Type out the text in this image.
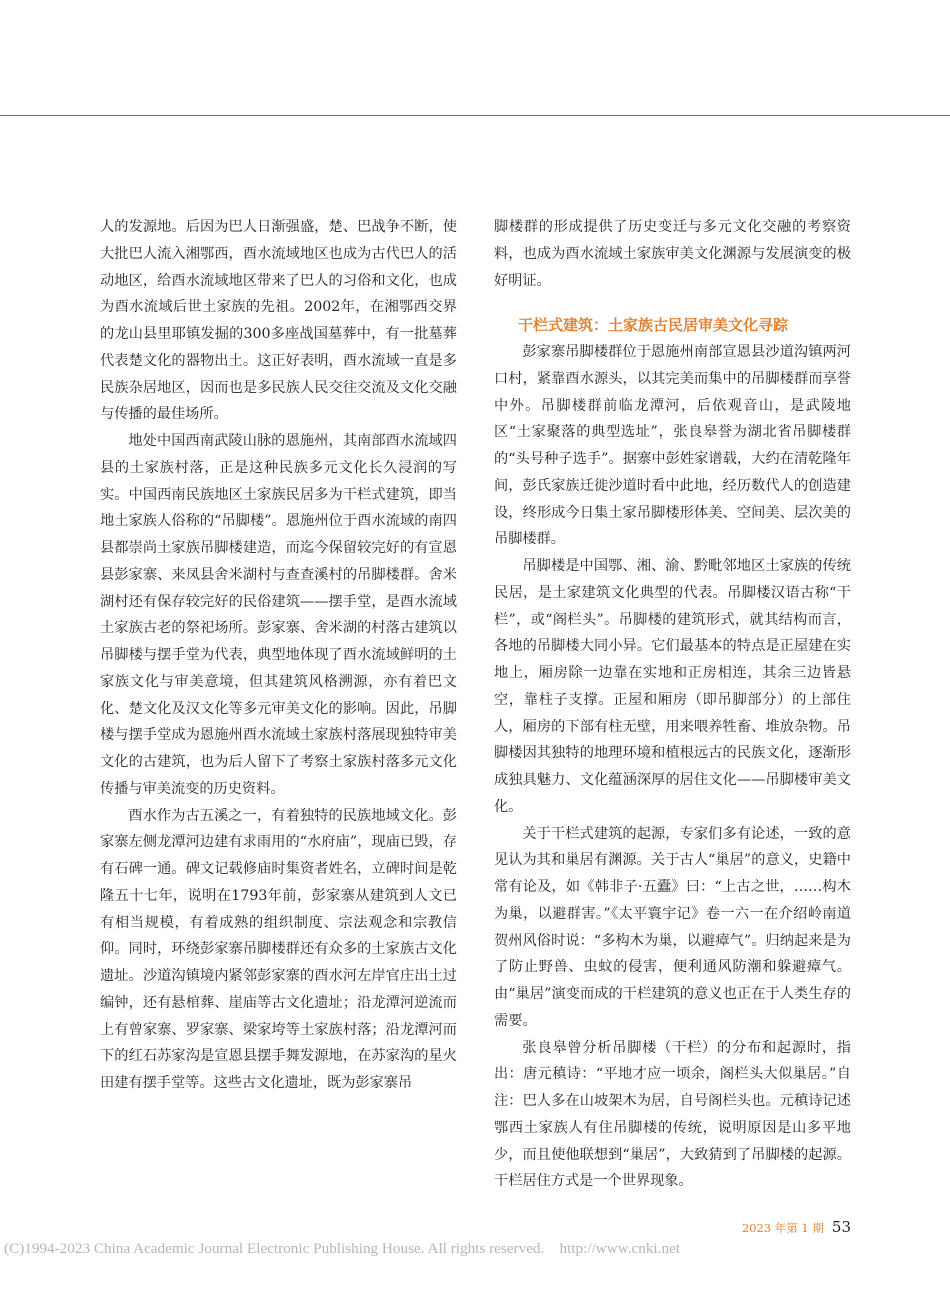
人的发源地。后因为巴人日渐强盛，楚、巴战争不断，使大批巴人流入湘鄂西，酉水流域地区也成为古代巴人的活动地区，给酉水流域地区带来了巴人的习俗和文化，也成为酉水流域后世土家族的先祖。2002年，在湘鄂西交界的龙山县里耶镇发掘的300多座战国墓葬中，有一批墓葬代表楚文化的器物出土。这正好表明，酉水流域一直是多民族杂居地区，因而也是多民族人民交往交流及文化交融与传播的最佳场所。

地处中国西南武陵山脉的恩施州，其南部酉水流域四县的土家族村落，正是这种民族多元文化长久浸润的写实。中国西南民族地区土家族民居多为干栏式建筑，即当地土家族人俗称的“吊脚楼”。恩施州位于酉水流域的南四县都崇尚土家族吊脚楼建造，而迄今保留较完好的有宣恩县彭家寨、来凤县舍米湖村与查查溪村的吊脚楼群。舍米湖村还有保存较完好的民俗建筑——摆手堂，是酉水流域土家族古老的祭祀场所。彭家寨、舍米湖的村落古建筑以吊脚楼与摆手堂为代表，典型地体现了酉水流域鲜明的土家族文化与审美意境，但其建筑风格溯源，亦有着巴文化、楚文化及汉文化等多元审美文化的影响。因此，吊脚楼与摆手堂成为恩施州酉水流域土家族村落展现独特审美文化的古建筑，也为后人留下了考察土家族村落多元文化传播与审美流变的历史资料。

酉水作为古五溪之一，有着独特的民族地域文化。彭家寨左侧龙潭河边建有求雨用的“水府庙”，现庙已毁，存有石碑一通。碑文记载修庙时集资者姓名，立碑时间是乾隆五十七年，说明在1793年前，彭家寨从建筑到人文已有相当规模，有着成熟的组织制度、宗法观念和宗教信仰。同时，环绕彭家寨吊脚楼群还有众多的土家族古文化遗址。沙道沟镇境内紧邻彭家寨的酉水河左岸官庄出土过编钟，还有悬棺葬、崖庙等古文化遗址；沿龙潭河逆流而上有曾家寨、罗家寨、梁家垮等土家族村落；沿龙潭河而下的红石苏家沟是宣恩县摆手舞发源地，在苏家沟的星火田建有摆手堂等。这些古文化遗址，既为彭家寨吊

脚楼群的形成提供了历史变迁与多元文化交融的考察资料，也成为酉水流域土家族审美文化渊源与发展演变的极好明证。

干栏式建筑：土家族古民居审美文化寻踪

彭家寨吊脚楼群位于恩施州南部宣恩县沙道沟镇两河口村，紧靠酉水源头，以其完美而集中的吊脚楼群而享誉中外。吊脚楼群前临龙潭河，后依观音山，是武陵地区“土家聚落的典型选址”，张良皋誉为湖北省吊脚楼群的“头号种子选手”。据寨中彭姓家谱载，大约在清乾隆年间，彭氏家族迁徙沙道时看中此地，经历数代人的创造建设，终形成今日集土家吊脚楼形体美、空间美、层次美的吊脚楼群。

吊脚楼是中国鄂、湘、渝、黔毗邻地区土家族的传统民居，是土家建筑文化典型的代表。吊脚楼汉语古称“干栏”，或“阁栏头”。吊脚楼的建筑形式，就其结构而言，各地的吊脚楼大同小异。它们最基本的特点是正屋建在实地上，厢房除一边靠在实地和正房相连，其余三边皆悬空，靠柱子支撑。正屋和厢房（即吊脚部分）的上部住人，厢房的下部有柱无壁，用来喂养牲畜、堆放杂物。吊脚楼因其独特的地理环境和植根远古的民族文化，逐渐形成独具魅力、文化蕴涵深厚的居住文化——吊脚楼审美文化。

关于干栏式建筑的起源，专家们多有论述，一致的意见认为其和巢居有渊源。关于古人“巢居”的意义，史籍中常有论及，如《韩非子·五蠹》曰：“上古之世，……构木为巢，以避群害。”《太平寰宇记》卷一六一在介绍岭南道贺州风俗时说：“多构木为巢，以避瘴气”。归纳起来是为了防止野兽、虫蚊的侵害，便利通风防潮和躲避瘴气。由“巢居”演变而成的干栏建筑的意义也正在于人类生存的需要。

张良皋曾分析吊脚楼（干栏）的分布和起源时，指出：唐元稹诗：“平地才应一顷余，阁栏头大似巢居。”自注：巴人多在山坡架木为居，自号阁栏头也。元稹诗记述鄂西土家族人有住吊脚楼的传统，说明原因是山多平地少，而且使他联想到“巢居”，大致猜到了吊脚楼的起源。干栏居住方式是一个世界现象。

2023 年第 1 期 53
(C)1994-2023 China Academic Journal Electronic Publishing House. All rights reserved.    http://www.cnki.net
